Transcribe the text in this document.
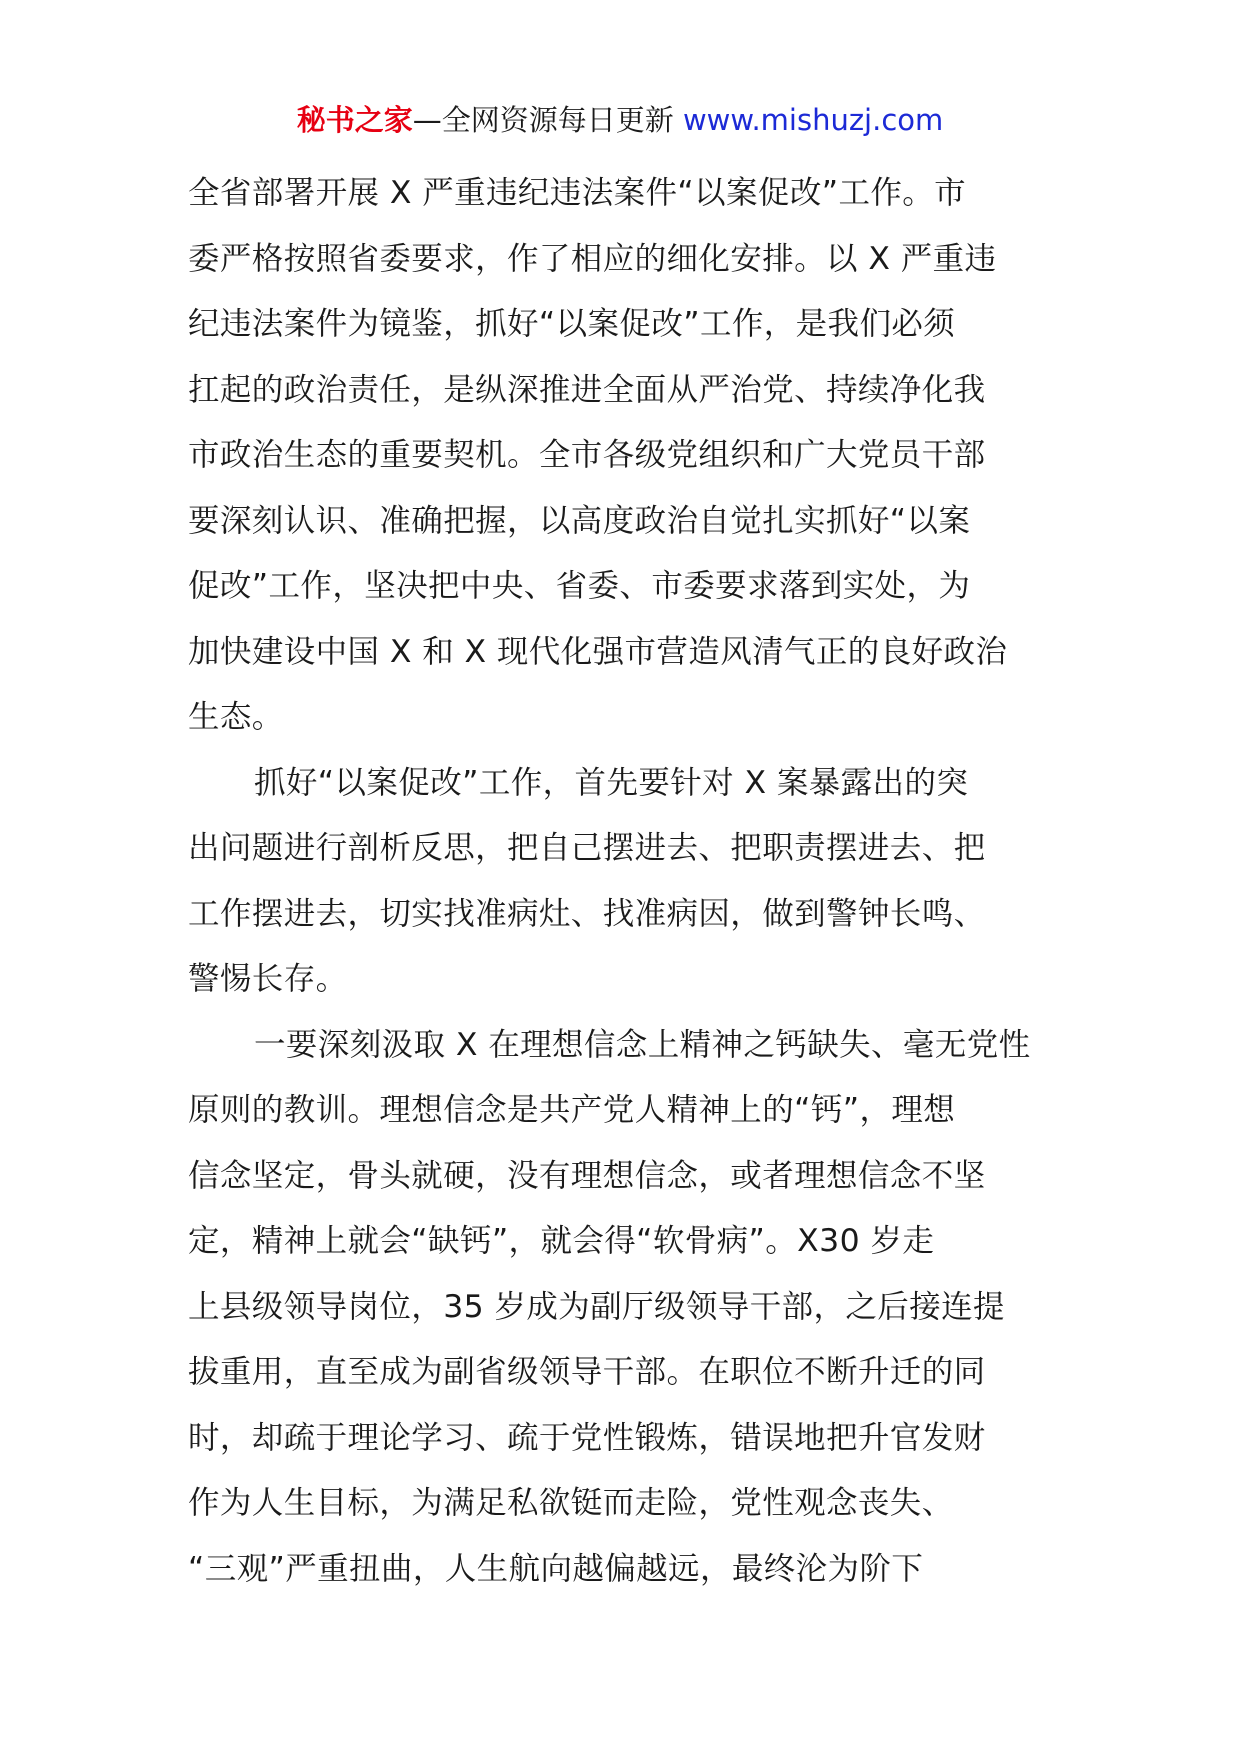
秘书之家—全网资源每日更新 www.mishuzj.com
全省部署开展 X 严重违纪违法案件“以案促改”工作。市
委严格按照省委要求，作了相应的细化安排。以 X 严重违
纪违法案件为镜鉴，抓好“以案促改”工作，是我们必须
扛起的政治责任，是纵深推进全面从严治党、持续净化我
市政治生态的重要契机。全市各级党组织和广大党员干部
要深刻认识、准确把握，以高度政治自觉扎实抓好“以案
促改”工作，坚决把中央、省委、市委要求落到实处，为
加快建设中国 X 和 X 现代化强市营造风清气正的良好政治
生态。
抓好“以案促改”工作，首先要针对 X 案暴露出的突
出问题进行剖析反思，把自己摆进去、把职责摆进去、把
工作摆进去，切实找准病灶、找准病因，做到警钟长鸣、
警惕长存。
一要深刻汲取 X 在理想信念上精神之钙缺失、毫无党性
原则的教训。理想信念是共产党人精神上的“钙”，理想
信念坚定，骨头就硬，没有理想信念，或者理想信念不坚
定，精神上就会“缺钙”，就会得“软骨病”。X30 岁走
上县级领导岗位，35 岁成为副厅级领导干部，之后接连提
拔重用，直至成为副省级领导干部。在职位不断升迁的同
时，却疏于理论学习、疏于党性锻炼，错误地把升官发财
作为人生目标，为满足私欲铤而走险，党性观念丧失、
“三观”严重扭曲，人生航向越偏越远，最终沦为阶下
